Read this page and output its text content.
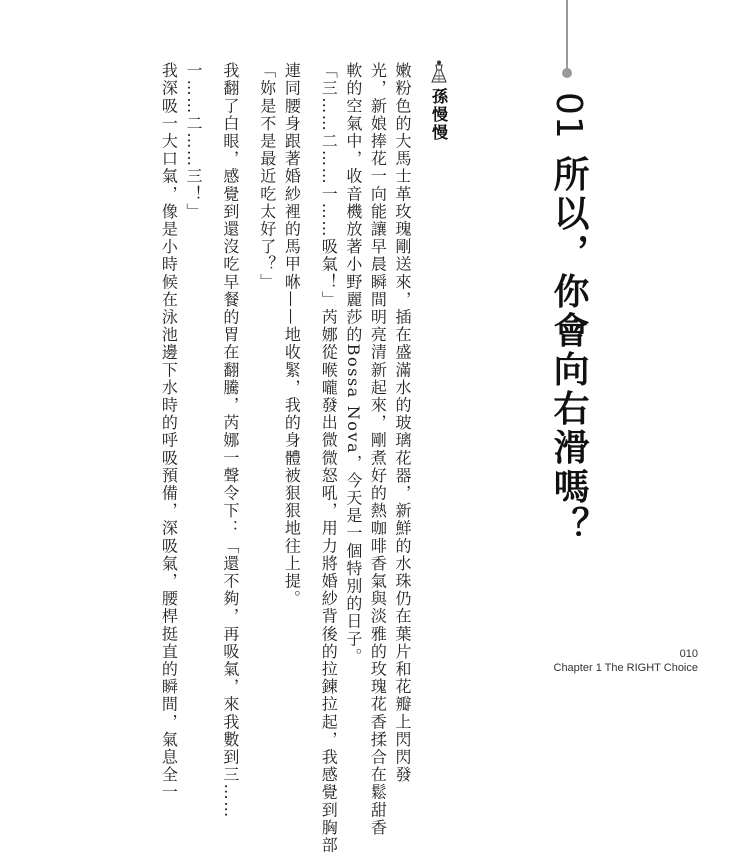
01 所以，你會向右滑嗎？
孫慢慢

嫩粉色的大馬士革玫瑰剛送來，插在盛滿水的玻璃花器，新鮮的水珠仍在葉片和花瓣上閃閃發

光，新娘捧花一向能讓早晨瞬間明亮清新起來，剛煮好的熱咖啡香氣與淡雅的玫瑰花香揉合在鬆甜香

軟的空氣中，收音機放著小野麗莎的Bossa Nova，今天是一個特別的日子。

「三……二……一……吸氣！」芮娜從喉嚨發出微微怒吼，用力將婚紗背後的拉鍊拉起，我感覺到胸部

連同腰身跟著婚紗裡的馬甲咻——地收緊，我的身體被狠狠地往上提。

「妳是不是最近吃太好了？」

我翻了白眼，感覺到還沒吃早餐的胃在翻騰，芮娜一聲令下：「還不夠，再吸氣，來我數到三……

一……二……三！」

我深吸一大口氣，像是小時候在泳池邊下水時的呼吸預備，深吸氣，腰桿挺直的瞬間，氣息全一	010
Chapter 1 The RIGHT Choice
